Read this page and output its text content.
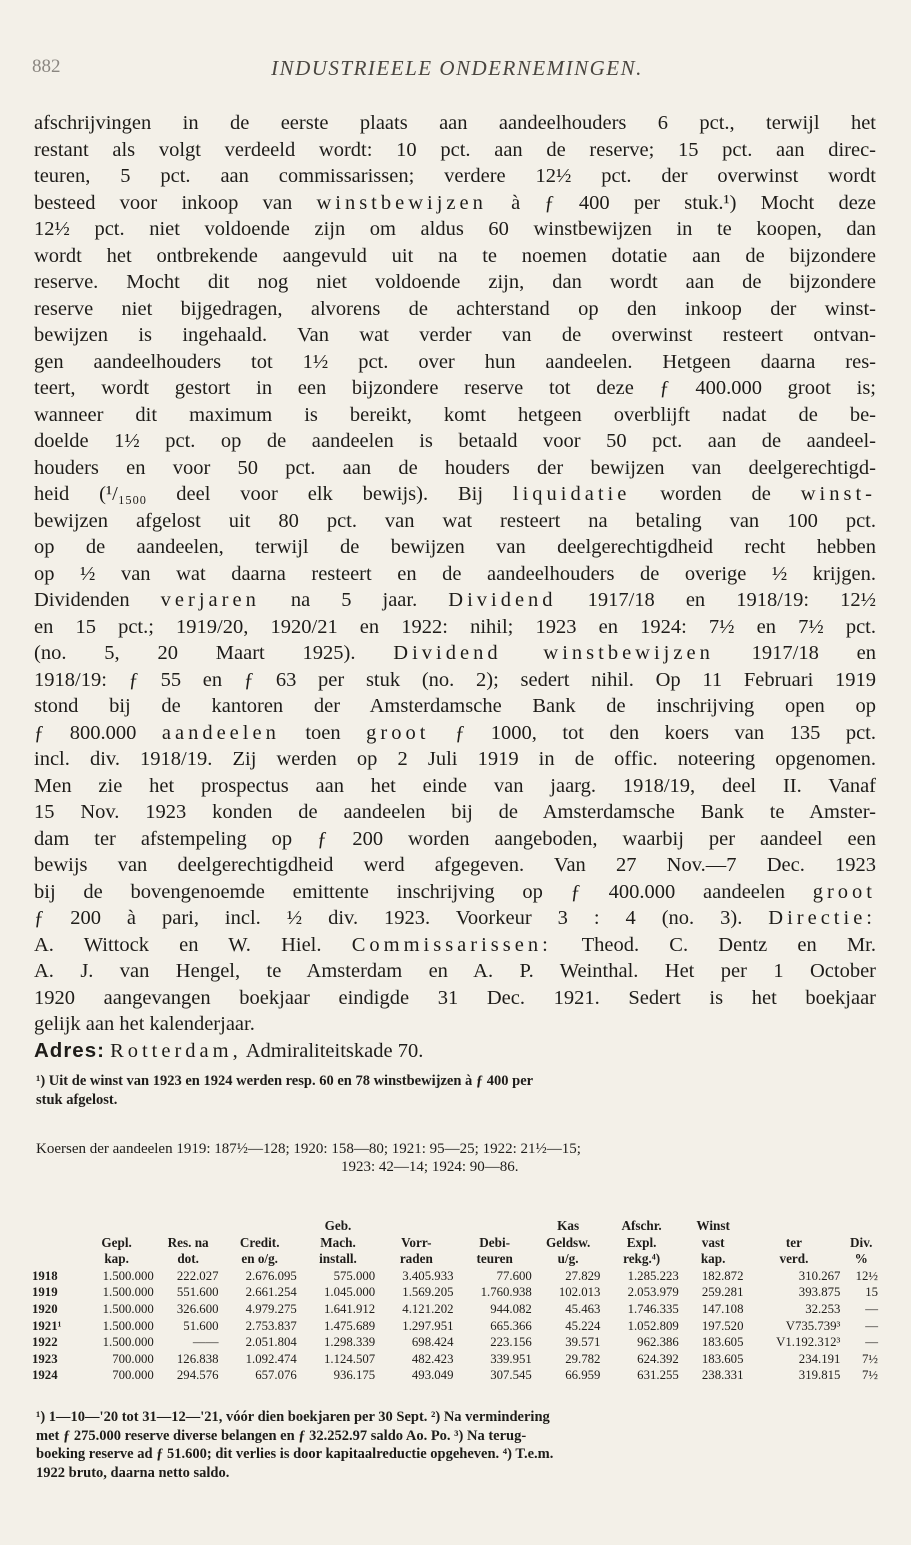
882	INDUSTRIEELE ONDERNEMINGEN.

afschrijvingen in de eerste plaats aan aandeelhouders 6 pct., terwijl het

restant als volgt verdeeld wordt: 10 pct. aan de reserve; 15 pct. aan direc-

teuren, 5 pct. aan commissarissen; verdere 12½ pct. der overwinst wordt

besteed voor inkoop van winstbewijzen à ƒ 400 per stuk.¹) Mocht deze

12½ pct. niet voldoende zijn om aldus 60 winstbewijzen in te koopen, dan

wordt het ontbrekende aangevuld uit na te noemen dotatie aan de bijzondere

reserve. Mocht dit nog niet voldoende zijn, dan wordt aan de bijzondere

reserve niet bijgedragen, alvorens de achterstand op den inkoop der winst-

bewijzen is ingehaald. Van wat verder van de overwinst resteert ontvan-

gen aandeelhouders tot 1½ pct. over hun aandeelen. Hetgeen daarna res-

teert, wordt gestort in een bijzondere reserve tot deze ƒ 400.000 groot is;

wanneer dit maximum is bereikt, komt hetgeen overblijft nadat de be-

doelde 1½ pct. op de aandeelen is betaald voor 50 pct. aan de aandeel-

houders en voor 50 pct. aan de houders der bewijzen van deelgerechtigd-

heid (¹/₁₅₀₀ deel voor elk bewijs). Bij liquidatie worden de winst-

bewijzen afgelost uit 80 pct. van wat resteert na betaling van 100 pct.

op de aandeelen, terwijl de bewijzen van deelgerechtigdheid recht hebben

op ½ van wat daarna resteert en de aandeelhouders de overige ½ krijgen.

Dividenden verjaren na 5 jaar. Dividend 1917/18 en 1918/19: 12½

en 15 pct.; 1919/20, 1920/21 en 1922: nihil; 1923 en 1924: 7½ en 7½ pct.

(no. 5, 20 Maart 1925). Dividend winstbewijzen 1917/18 en

1918/19: ƒ 55 en ƒ 63 per stuk (no. 2); sedert nihil. Op 11 Februari 1919

stond bij de kantoren der Amsterdamsche Bank de inschrijving open op

ƒ 800.000 aandeelen toen groot ƒ 1000, tot den koers van 135 pct.

incl. div. 1918/19. Zij werden op 2 Juli 1919 in de offic. noteering opgenomen.

Men zie het prospectus aan het einde van jaarg. 1918/19, deel II. Vanaf

15 Nov. 1923 konden de aandeelen bij de Amsterdamsche Bank te Amster-

dam ter afstempeling op ƒ 200 worden aangeboden, waarbij per aandeel een

bewijs van deelgerechtigdheid werd afgegeven. Van 27 Nov.—7 Dec. 1923

bij de bovengenoemde emittente inschrijving op ƒ 400.000 aandeelen groot

ƒ 200 à pari, incl. ½ div. 1923. Voorkeur 3 : 4 (no. 3). Directie:

A. Wittock en W. Hiel. Commissarissen: Theod. C. Dentz en Mr.

A. J. van Hengel, te Amsterdam en A. P. Weinthal. Het per 1 October

1920 aangevangen boekjaar eindigde 31 Dec. 1921. Sedert is het boekjaar

gelijk aan het kalenderjaar.

Adres: Rotterdam, Admiraliteitskade 70.

¹) Uit de winst van 1923 en 1924 werden resp. 60 en 78 winstbewijzen à ƒ 400 per
stuk afgelost.
Koersen der aandeelen 1919: 187½—128; 1920: 158—80; 1921: 95—25; 1922: 21½—15;
1923: 42—14; 1924: 90—86.
				Geb.			Kas	Afschr.	Winst		
	Gepl.	Res. na	Credit.	Mach.	Vorr-	Debi-	Geldsw.	Expl.	vast	ter	Div.
	kap.	dot.	en o/g.	install.	raden	teuren	u/g.	rekg.⁴)	kap.	verd.	%
1918	1.500.000	222.027	2.676.095	575.000	3.405.933	77.600	27.829	1.285.223	182.872	310.267	12½
1919	1.500.000	551.600	2.661.254	1.045.000	1.569.205	1.760.938	102.013	2.053.979	259.281	393.875	15
1920	1.500.000	326.600	4.979.275	1.641.912	4.121.202	944.082	45.463	1.746.335	147.108	32.253	—
1921¹	1.500.000	51.600	2.753.837	1.475.689	1.297.951	665.366	45.224	1.052.809	197.520	V735.739³	—
1922	1.500.000	——	2.051.804	1.298.339	698.424	223.156	39.571	962.386	183.605	V1.192.312³	—
1923	700.000	126.838	1.092.474	1.124.507	482.423	339.951	29.782	624.392	183.605	234.191	7½
1924	700.000	294.576	657.076	936.175	493.049	307.545	66.959	631.255	238.331	319.815	7½

¹) 1—10—'20 tot 31—12—'21, vóór dien boekjaren per 30 Sept. ²) Na vermindering

met ƒ 275.000 reserve diverse belangen en ƒ 32.252.97 saldo Ao. Po. ³) Na terug-

boeking reserve ad ƒ 51.600; dit verlies is door kapitaalreductie opgeheven. ⁴) T.e.m.

1922 bruto, daarna netto saldo.
